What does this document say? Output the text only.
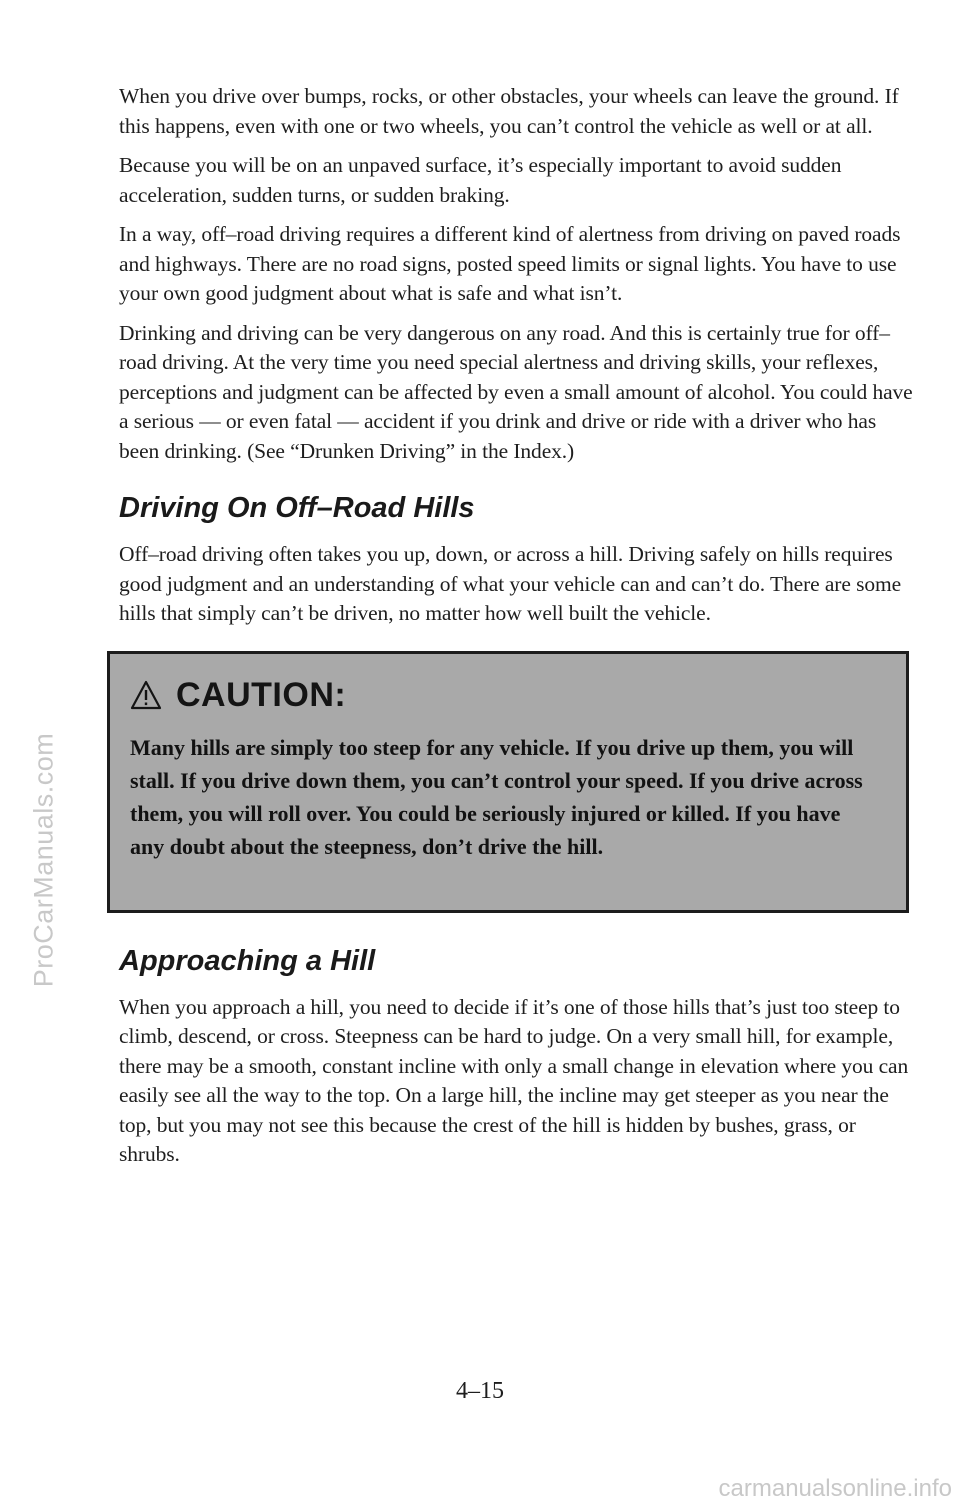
ProCarManuals.com

When you drive over bumps, rocks, or other obstacles, your wheels can leave the ground. If this happens, even with one or two wheels, you can’t control the vehicle as well or at all.

Because you will be on an unpaved surface, it’s especially important to avoid sudden acceleration, sudden turns, or sudden braking.

In a way, off–road driving requires a different kind of alertness from driving on paved roads and highways. There are no road signs, posted speed limits or signal lights. You have to use your own good judgment about what is safe and what isn’t.

Drinking and driving can be very dangerous on any road. And this is certainly true for off–road driving. At the very time you need special alertness and driving skills, your reflexes, perceptions and judgment can be affected by even a small amount of alcohol. You could have a serious — or even fatal — accident if you drink and drive or ride with a driver who has been drinking. (See “Drunken Driving” in the Index.)

Driving On Off–Road Hills

Off–road driving often takes you up, down, or across a hill. Driving safely on hills requires good judgment and an understanding of what your vehicle can and can’t do. There are some hills that simply can’t be driven, no matter how well built the vehicle.

CAUTION:

Many hills are simply too steep for any vehicle. If you drive up them, you will stall. If you drive down them, you can’t control your speed. If you drive across them, you will roll over. You could be seriously injured or killed. If you have any doubt about the steepness, don’t drive the hill.

Approaching a Hill

When you approach a hill, you need to decide if it’s one of those hills that’s just too steep to climb, descend, or cross. Steepness can be hard to judge. On a very small hill, for example, there may be a smooth, constant incline with only a small change in elevation where you can easily see all the way to the top. On a large hill, the incline may get steeper as you near the top, but you may not see this because the crest of the hill is hidden by bushes, grass, or shrubs.

4–15
carmanualsonline.info
